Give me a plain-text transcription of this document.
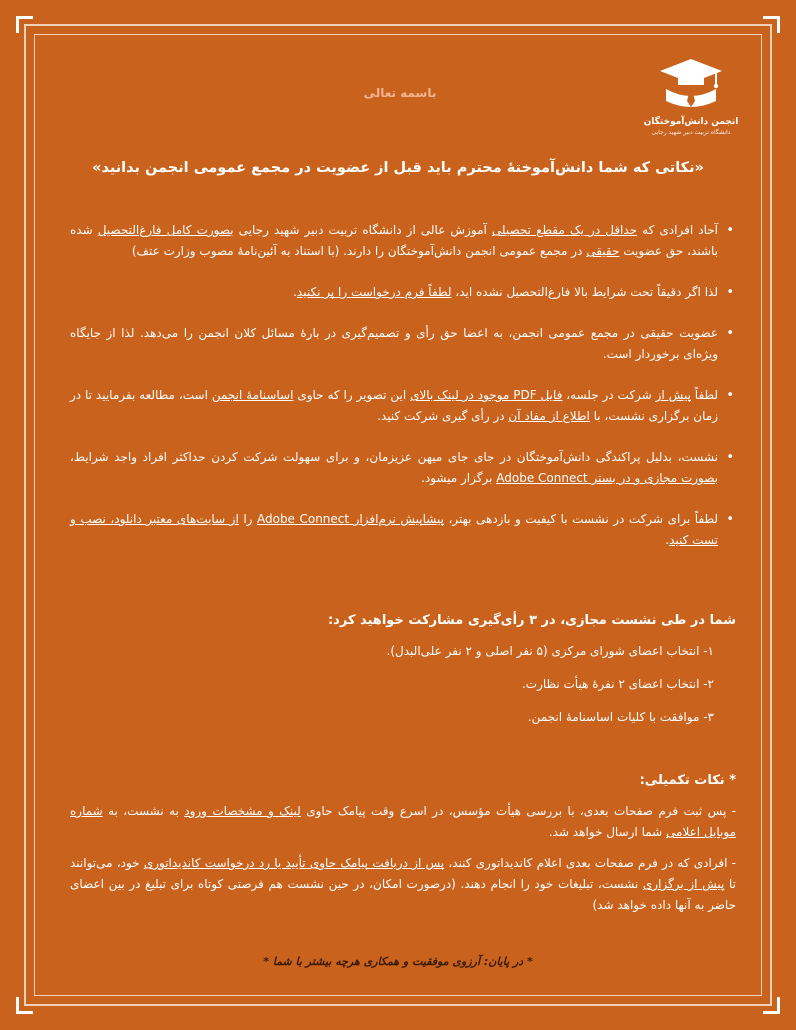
انجمن دانش‌آموختگان
دانشگاه تربیت دبیر شهید رجایی
باسمه تعالی
«نکاتی که شما دانش‌آموختهٔ محترم باید قبل از عضویت در مجمع عمومی انجمن بدانید»
• آحاد افرادی که حداقل در یک مقطع تحصیلی آموزش عالی از دانشگاه تربیت دبیر شهید رجایی بصورت کامل فارغ‌التحصیل شده باشند، حق عضویت حقیقی در مجمع عمومی انجمن دانش‌آموختگان را دارند. (با استناد به آئین‌نامهٔ مصوب وزارت عتف)
• لذا اگر دقیقاً تحت شرایط بالا فارغ‌التحصیل نشده اید، لطفاً فرم درخواست را پر نکنید.
• عضویت حقیقی در مجمع عمومی انجمن، به اعضا حق رأی و تصمیم‌گیری در بارهٔ مسائل کلان انجمن را می‌دهد. لذا از جایگاه ویژه‌ای برخوردار است.
• لطفاً پیش از شرکت در جلسه، فایل PDF موجود در لینک بالای این تصویر را که حاوی اساسنامهٔ انجمن است، مطالعه بفرمایید تا در زمان برگزاری نشست، با اطلاع از مفاد آن در رأی گیری شرکت کنید.
• نشست، بدلیل پراکندگی دانش‌آموختگان در جای جای میهن عزیزمان، و برای سهولت شرکت کردن حداکثر افراد واجد شرایط، بصورت مجازی و در بستر Adobe Connect برگزار میشود.
• لطفاً برای شرکت در نشست با کیفیت و بازدهی بهتر، پیشاپیش نرم‌افزار Adobe Connect را از سایت‌های معتبر دانلود، نصب و تست کنید.
شما در طی نشست مجازی، در ۳ رأی‌گیری مشارکت خواهید کرد:

۱- انتخاب اعضای شورای مرکزی (۵ نفر اصلی و ۲ نفر علی‌البدل).

۲- انتخاب اعضای ۲ نفرهٔ هیأت نظارت.

۳- موافقت با کلیات اساسنامهٔ انجمن.

* نکات تکمیلی:

- پس ثبت فرم صفحات بعدی، با بررسی هیأت مؤسس، در اسرع وقت پیامک حاوی لینک و مشخصات ورود به نشست، به شماره موبایل اعلامی شما ارسال خواهد شد.

- افرادی که در فرم صفحات بعدی اعلام کاندیداتوری کنند، پس از دریافت پیامک حاوی تأیید یا رد درخواست کاندیداتوری خود، می‌توانند تا پیش از برگزاری نشست، تبلیغات خود را انجام دهند. (درصورت امکان، در حین نشست هم فرصتی کوتاه برای تبلیغ در بین اعضای حاضر به آنها داده خواهد شد)

* در پایان: آرزوی موفقیت و همکاری هرچه بیشتر با شما *
